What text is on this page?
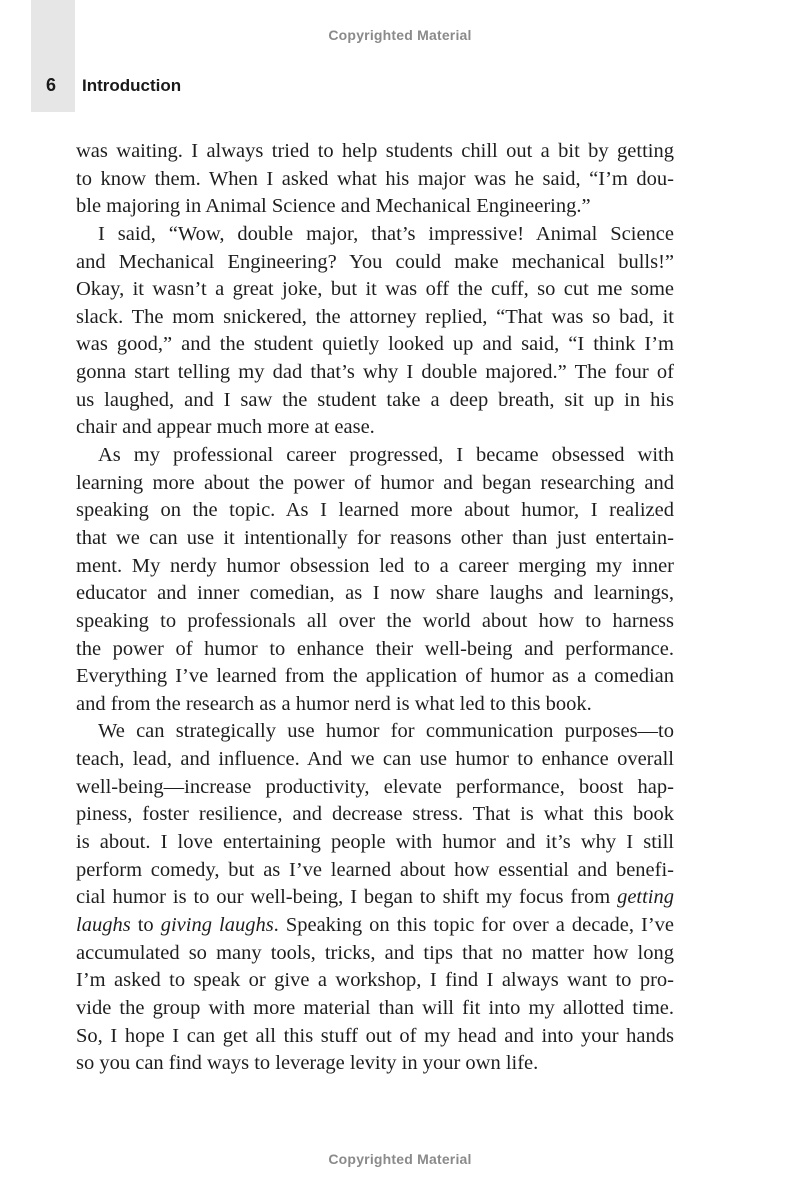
Copyrighted Material
6 Introduction
was waiting. I always tried to help students chill out a bit by getting
to know them. When I asked what his major was he said, “I’m dou-
ble majoring in Animal Science and Mechanical Engineering.”
I said, “Wow, double major, that’s impressive! Animal Science
and Mechanical Engineering? You could make mechanical bulls!”
Okay, it wasn’t a great joke, but it was off the cuff, so cut me some
slack. The mom snickered, the attorney replied, “That was so bad, it
was good,” and the student quietly looked up and said, “I think I’m
gonna start telling my dad that’s why I double majored.” The four of
us laughed, and I saw the student take a deep breath, sit up in his
chair and appear much more at ease.
As my professional career progressed, I became obsessed with
learning more about the power of humor and began researching and
speaking on the topic. As I learned more about humor, I realized
that we can use it intentionally for reasons other than just entertain-
ment. My nerdy humor obsession led to a career merging my inner
educator and inner comedian, as I now share laughs and learnings,
speaking to professionals all over the world about how to harness
the power of humor to enhance their well-being and performance.
Everything I’ve learned from the application of humor as a comedian
and from the research as a humor nerd is what led to this book.
We can strategically use humor for communication purposes—to
teach, lead, and influence. And we can use humor to enhance overall
well-being—increase productivity, elevate performance, boost hap-
piness, foster resilience, and decrease stress. That is what this book
is about. I love entertaining people with humor and it’s why I still
perform comedy, but as I’ve learned about how essential and benefi-
cial humor is to our well-being, I began to shift my focus from getting
laughs to giving laughs. Speaking on this topic for over a decade, I’ve
accumulated so many tools, tricks, and tips that no matter how long
I’m asked to speak or give a workshop, I find I always want to pro-
vide the group with more material than will fit into my allotted time.
So, I hope I can get all this stuff out of my head and into your hands
so you can find ways to leverage levity in your own life.
Copyrighted Material
